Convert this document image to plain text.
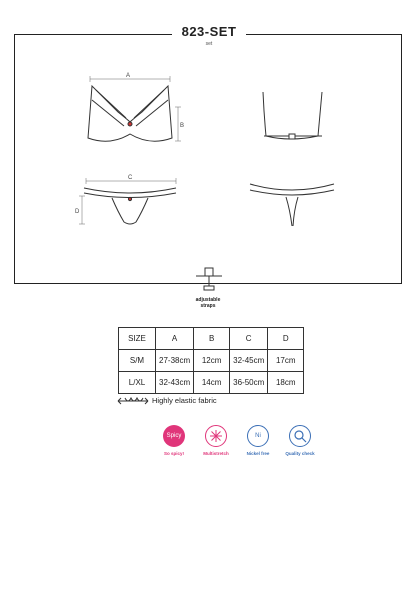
823-SET
set
A
B
C
D
adjustable
straps
SIZE	A	B	C	D
S/M	27-38cm	12cm	32-45cm	17cm
L/XL	32-43cm	14cm	36-50cm	18cm
Highly elastic fabric
Spicy
So spicy!	Multistretch
Ni
Nickel free	Quality check
